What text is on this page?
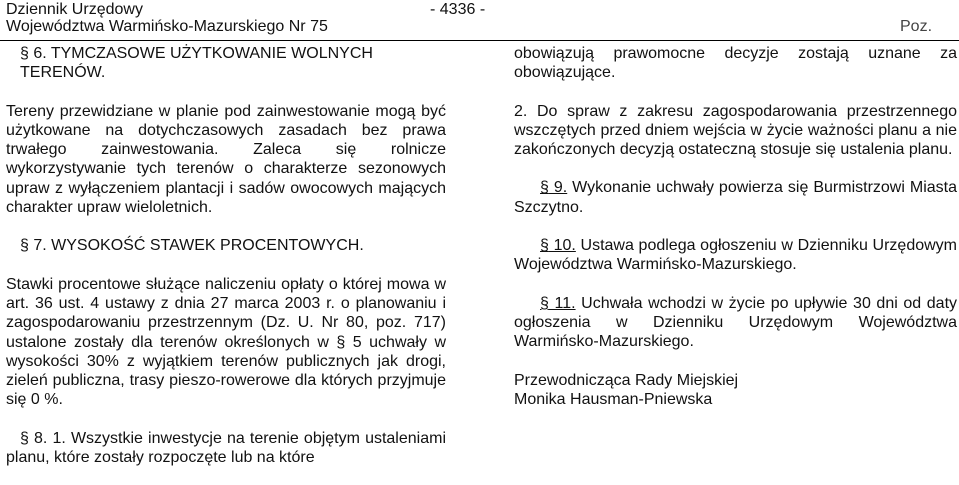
Dziennik Urzędowy
Województwa Warmińsko-Mazurskiego Nr 75
- 4336 -
Poz.

§ 6. TYMCZASOWE UŻYTKOWANIE WOLNYCH TERENÓW.

Tereny przewidziane w planie pod zainwestowanie mogą być użytkowane na dotychczasowych zasadach bez prawa trwałego zainwestowania. Zaleca się rolnicze wykorzystywanie tych terenów o charakterze sezonowych upraw z wyłączeniem plantacji i sadów owocowych mających charakter upraw wieloletnich.

§ 7. WYSOKOŚĆ STAWEK PROCENTOWYCH.

Stawki procentowe służące naliczeniu opłaty o której mowa w art. 36 ust. 4 ustawy z dnia 27 marca 2003 r. o planowaniu i zagospodarowaniu przestrzennym (Dz. U. Nr 80, poz. 717) ustalone zostały dla terenów określonych w § 5 uchwały w wysokości 30% z wyjątkiem terenów publicznych jak drogi, zieleń publiczna, trasy pieszo-rowerowe dla których przyjmuje się 0 %.

§ 8. 1. Wszystkie inwestycje na terenie objętym ustaleniami planu, które zostały rozpoczęte lub na które

obowiązują prawomocne decyzje zostają uznane za obowiązujące.

2. Do spraw z zakresu zagospodarowania przestrzennego wszczętych przed dniem wejścia w życie ważności planu a nie zakończonych decyzją ostateczną stosuje się ustalenia planu.

§ 9. Wykonanie uchwały powierza się Burmistrzowi Miasta Szczytno.

§ 10. Ustawa podlega ogłoszeniu w Dzienniku Urzędowym Województwa Warmińsko-Mazurskiego.

§ 11. Uchwała wchodzi w życie po upływie 30 dni od daty ogłoszenia w Dzienniku Urzędowym Województwa Warmińsko-Mazurskiego.

Przewodnicząca Rady Miejskiej

Monika Hausman-Pniewska
